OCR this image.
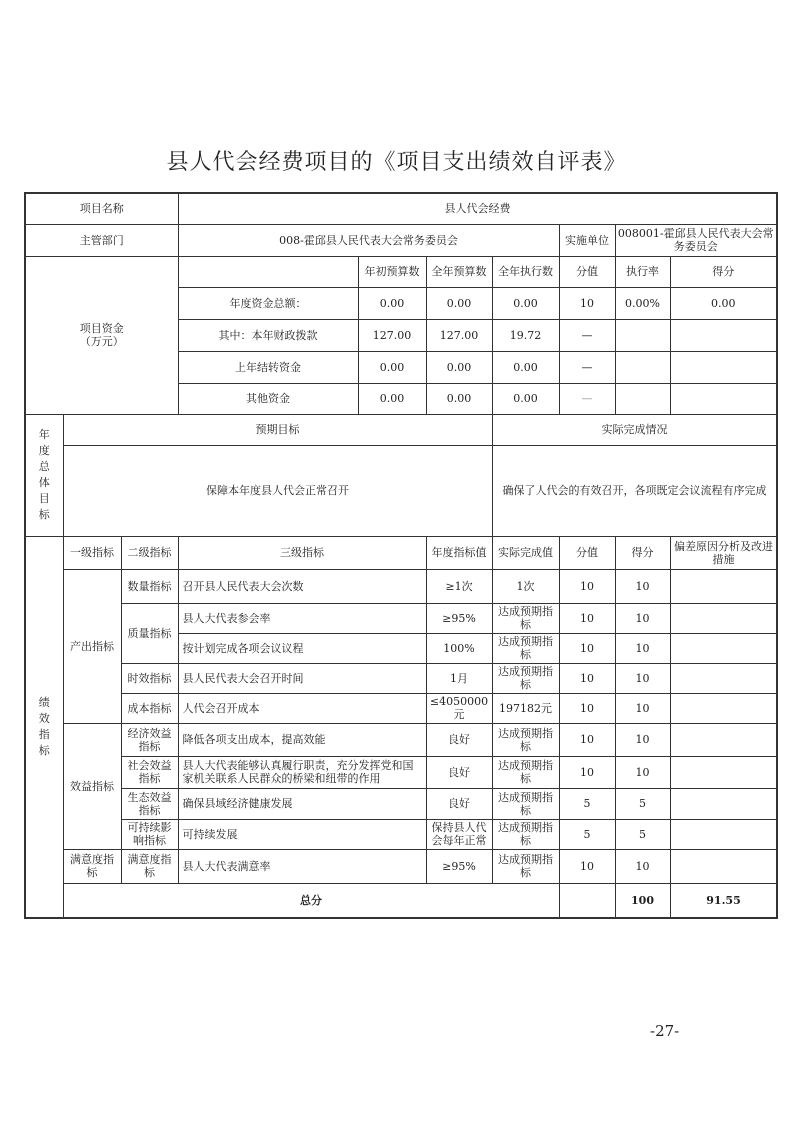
县人代会经费项目的《项目支出绩效自评表》
项目名称			县人代会经费							
主管部门			008-霍邱县人民代表大会常务委员会				实施单位	008001-霍邱县人民代表大会常务委员会		
项目资金
（万元）				年初预算数	全年预算数	全年执行数	分值	执行率	得分	
			年度资金总额：	0.00	0.00	0.00	10	0.00%	0.00	
			其中：本年财政拨款	127.00	127.00	19.72	—			
			上年结转资金	0.00	0.00	0.00	—			
			其他资金	0.00	0.00	0.00	—			

年度总体目标	预期目标					实际完成情况				
	保障本年度县人代会正常召开					确保了人代会的有效召开，各项既定会议流程有序完成				

绩效指标	一级指标	二级指标	三级指标		年度指标值	实际完成值	分值	得分	偏差原因分析及改进措施	
	产出指标	数量指标	召开县人民代表大会次数		≥1次	1次	10	10		
		质量指标	县人大代表参会率		≥95%	达成预期指标	10	10		
			按计划完成各项会议议程		100%	达成预期指标	10	10		
		时效指标	县人民代表大会召开时间		1月	达成预期指标	10	10		
		成本指标	人代会召开成本		≤4050000元	197182元	10	10		
	效益指标	经济效益指标	降低各项支出成本，提高效能		良好	达成预期指标	10	10		
		社会效益指标	县人大代表能够认真履行职责，充分发挥党和国家机关联系人民群众的桥梁和纽带的作用		良好	达成预期指标	10	10		
		生态效益指标	确保县域经济健康发展		良好	达成预期指标	5	5		
		可持续影响指标	可持续发展		保持县人代会每年正常	达成预期指标	5	5		
	满意度指标	满意度指标	县人大代表满意率		≥95%	达成预期指标	10	10		
	总分							100	91.55	
-27-
